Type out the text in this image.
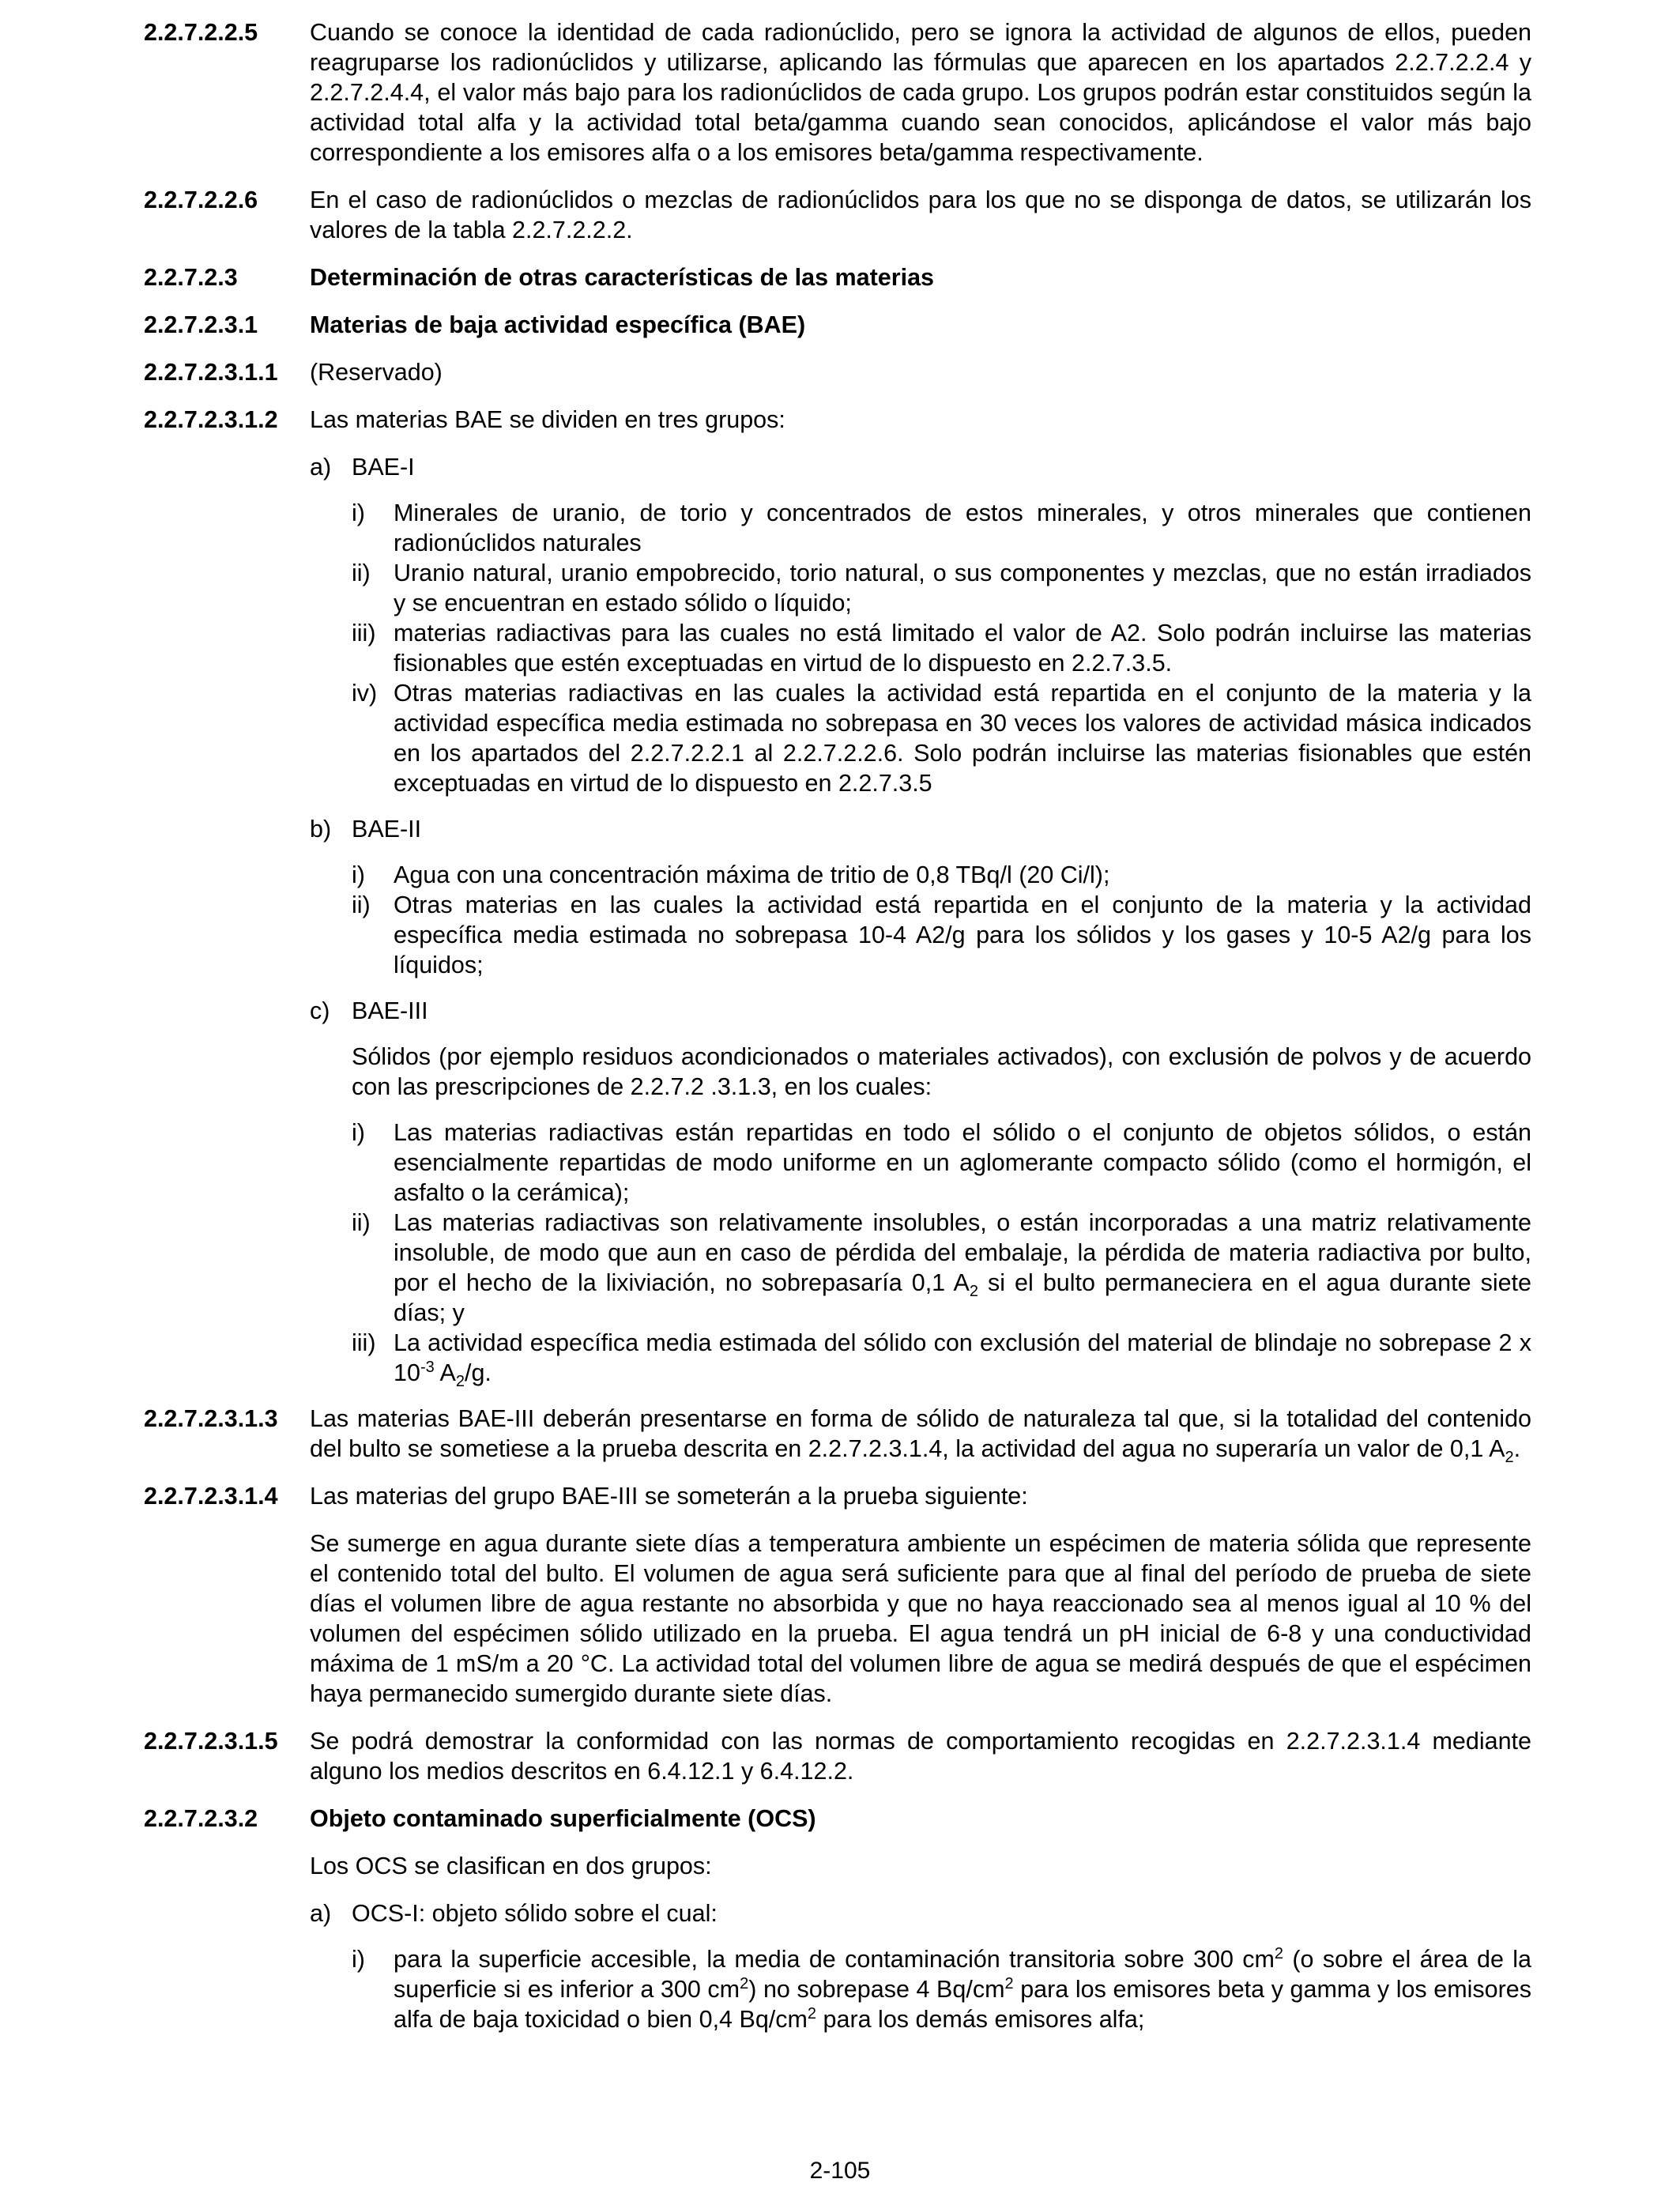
2.2.7.2.2.5	Cuando se conoce la identidad de cada radionúclido, pero se ignora la actividad de algunos de ellos, pueden reagruparse los radionúclidos y utilizarse, aplicando las fórmulas que aparecen en los apartados 2.2.7.2.2.4 y 2.2.7.2.4.4, el valor más bajo para los radionúclidos de cada grupo. Los grupos podrán estar constituidos según la actividad total alfa y la actividad total beta/gamma cuando sean conocidos, aplicándose el valor más bajo correspondiente a los emisores alfa o a los emisores beta/gamma respectivamente.

2.2.7.2.2.6	En el caso de radionúclidos o mezclas de radionúclidos para los que no se disponga de datos, se utilizarán los valores de la tabla 2.2.7.2.2.2.

2.2.7.2.3	Determinación de otras características de las materias
2.2.7.2.3.1	Materias de baja actividad específica (BAE)
2.2.7.2.3.1.1	(Reservado)
2.2.7.2.3.1.2	Las materias BAE se dividen en tres grupos:
a) BAE-I
i)	Minerales de uranio, de torio y concentrados de estos minerales, y otros minerales que contienen radionúclidos naturales
ii) Uranio natural, uranio empobrecido, torio natural, o sus componentes y mezclas, que no están irradiados y se encuentran en estado sólido o líquido;
iii) materias radiactivas para las cuales no está limitado el valor de A2. Solo podrán incluirse las materias fisionables que estén exceptuadas en virtud de lo dispuesto en 2.2.7.3.5.
iv) Otras materias radiactivas en las cuales la actividad está repartida en el conjunto de la materia y la actividad específica media estimada no sobrepasa en 30 veces los valores de actividad másica indicados en los apartados del 2.2.7.2.2.1 al 2.2.7.2.2.6. Solo podrán incluirse las materias fisionables que estén exceptuadas en virtud de lo dispuesto en 2.2.7.3.5
b) BAE-II
i)	Agua con una concentración máxima de tritio de 0,8 TBq/l (20 Ci/l);
ii) Otras materias en las cuales la actividad está repartida en el conjunto de la materia y la actividad específica media estimada no sobrepasa 10-4 A2/g para los sólidos y los gases y 10-5 A2/g para los líquidos;
c) BAE-III
Sólidos (por ejemplo residuos acondicionados o materiales activados), con exclusión de polvos y de acuerdo con las prescripciones de 2.2.7.2 .3.1.3, en los cuales:
i)	Las materias radiactivas están repartidas en todo el sólido o el conjunto de objetos sólidos, o están esencialmente repartidas de modo uniforme en un aglomerante compacto sólido (como el hormigón, el asfalto o la cerámica);
ii) Las materias radiactivas son relativamente insolubles, o están incorporadas a una matriz relativamente insoluble, de modo que aun en caso de pérdida del embalaje, la pérdida de materia radiactiva por bulto, por el hecho de la lixiviación, no sobrepasaría 0,1 $A_2$ si el bulto permaneciera en el agua durante siete días; y
iii) La actividad específica media estimada del sólido con exclusión del material de blindaje no sobrepase 2 x $10^{-3}$ $A_2/g$.
2.2.7.2.3.1.3	Las materias BAE-III deberán presentarse en forma de sólido de naturaleza tal que, si la totalidad del contenido del bulto se sometiese a la prueba descrita en 2.2.7.2.3.1.4, la actividad del agua no superaría un valor de 0,1 $A_2$.

2.2.7.2.3.1.4	Las materias del grupo BAE-III se someterán a la prueba siguiente:

Se sumerge en agua durante siete días a temperatura ambiente un espécimen de materia sólida que represente el contenido total del bulto. El volumen de agua será suficiente para que al final del período de prueba de siete días el volumen libre de agua restante no absorbida y que no haya reaccionado sea al menos igual al 10 % del volumen del espécimen sólido utilizado en la prueba. El agua tendrá un pH inicial de 6-8 y una conductividad máxima de 1 mS/m a 20 °C. La actividad total del volumen libre de agua se medirá después de que el espécimen haya permanecido sumergido durante siete días.

2.2.7.2.3.1.5	Se podrá demostrar la conformidad con las normas de comportamiento recogidas en 2.2.7.2.3.1.4 mediante alguno los medios descritos en 6.4.12.1 y 6.4.12.2.

2.2.7.2.3.2	Objeto contaminado superficialmente (OCS)

Los OCS se clasifican en dos grupos:

a) OCS-I: objeto sólido sobre el cual:
i)	para la superficie accesible, la media de contaminación transitoria sobre 300 $cm^2$ (o sobre el área de la superficie si es inferior a 300 $cm^2$) no sobrepase 4 $Bq/cm^2$ para los emisores beta y gamma y los emisores alfa de baja toxicidad o bien 0,4 $Bq/cm^2$ para los demás emisores alfa;
2-105
